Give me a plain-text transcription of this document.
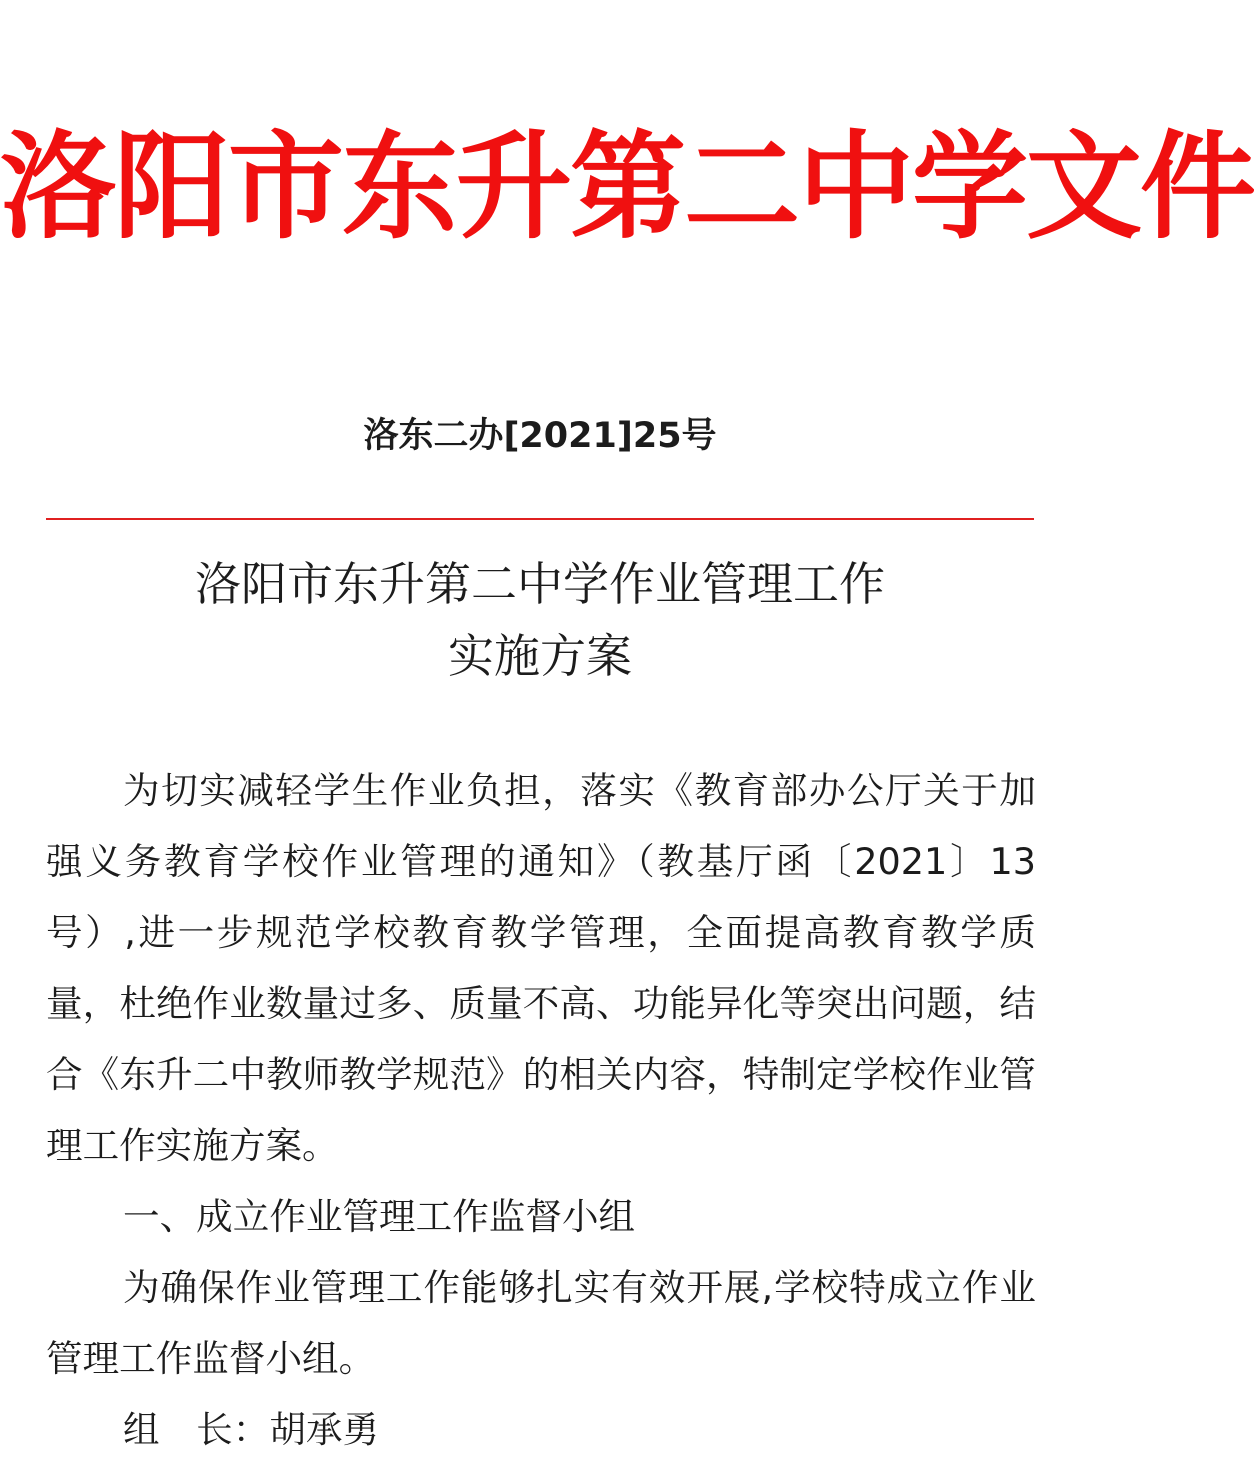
洛阳市东升第二中学文件
洛东二办[2021]25号
洛阳市东升第二中学作业管理工作
实施方案

为切实减轻学生作业负担，落实《教育部办公厅关于加强义务教育学校作业管理的通知》（教基厅函〔2021〕13号）,进一步规范学校教育教学管理，全面提高教育教学质量，杜绝作业数量过多、质量不高、功能异化等突出问题，结合《东升二中教师教学规范》的相关内容，特制定学校作业管理工作实施方案。

一、成立作业管理工作监督小组

为确保作业管理工作能够扎实有效开展,学校特成立作业管理工作监督小组。

组　长：胡承勇
